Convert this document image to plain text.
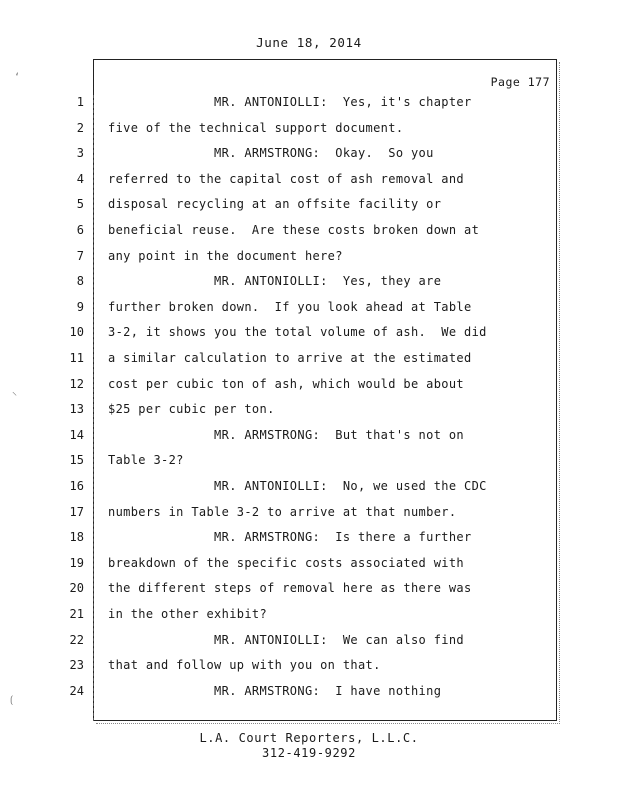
June 18, 2014
Page 177
1 MR. ANTONIOLLI:  Yes, it's chapter
2 five of the technical support document.
3 MR. ARMSTRONG:  Okay.  So you
4 referred to the capital cost of ash removal and
5 disposal recycling at an offsite facility or
6 beneficial reuse.  Are these costs broken down at
7 any point in the document here?
8 MR. ANTONIOLLI:  Yes, they are
9 further broken down.  If you look ahead at Table
10 3-2, it shows you the total volume of ash.  We did
11 a similar calculation to arrive at the estimated
12 cost per cubic ton of ash, which would be about
13 $25 per cubic per ton.
14 MR. ARMSTRONG:  But that's not on
15 Table 3-2?
16 MR. ANTONIOLLI:  No, we used the CDC
17 numbers in Table 3-2 to arrive at that number.
18 MR. ARMSTRONG:  Is there a further
19 breakdown of the specific costs associated with
20 the different steps of removal here as there was
21 in the other exhibit?
22 MR. ANTONIOLLI:  We can also find
23 that and follow up with you on that.
24 MR. ARMSTRONG:  I have nothing
L.A. Court Reporters, L.L.C.
312-419-9292
‘
⸌
⟮
